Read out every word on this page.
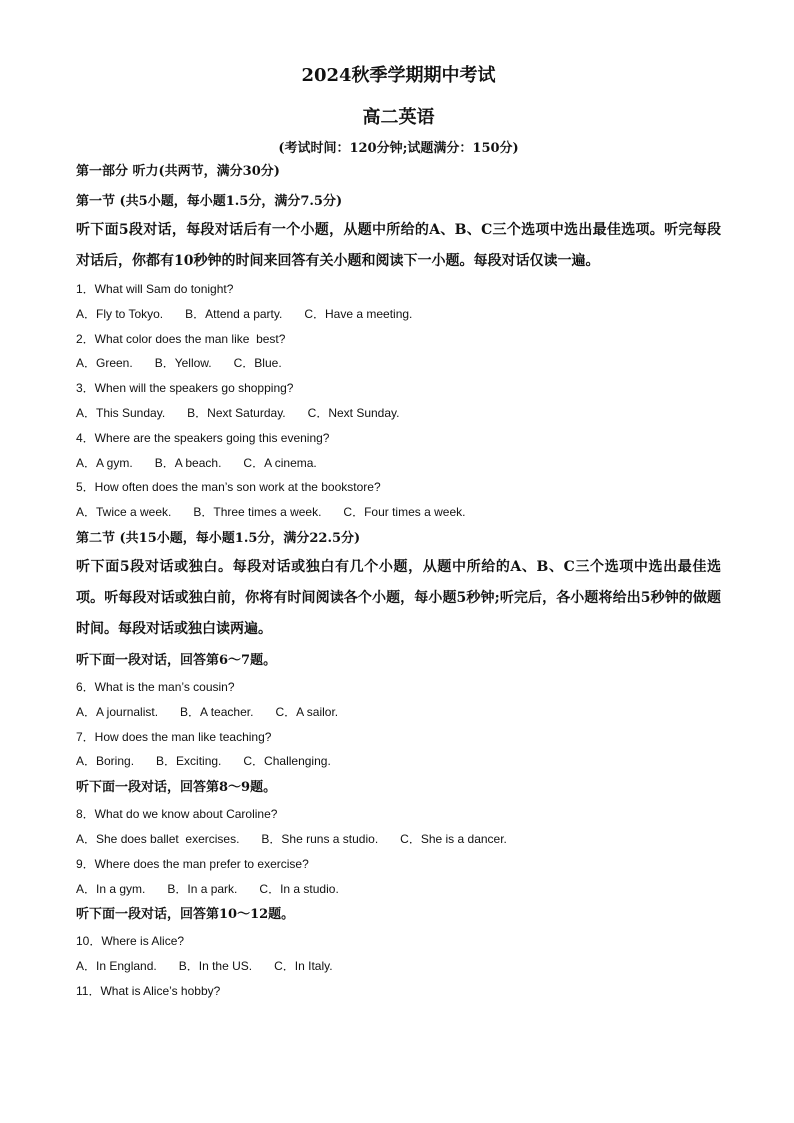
2024秋季学期期中考试
高二英语
(考试时间：120分钟;试题满分：150分)
第一部分 听力(共两节，满分30分)
第一节 (共5小题，每小题1.5分，满分7.5分)
听下面5段对话，每段对话后有一个小题，从题中所给的A、B、C三个选项中选出最佳选项。听完每段对话后，你都有10秒钟的时间来回答有关小题和阅读下一小题。每段对话仅读一遍。
1．What will Sam do tonight?
A．Fly to Tokyo. B．Attend a party. C．Have a meeting.
2．What color does the man like  best?
A．Green. B．Yellow. C．Blue.
3．When will the speakers go shopping?
A．This Sunday. B．Next Saturday. C．Next Sunday.
4．Where are the speakers going this evening?
A．A gym. B．A beach. C．A cinema.
5．How often does the man’s son work at the bookstore?
A．Twice a week. B．Three times a week. C．Four times a week.
第二节 (共15小题，每小题1.5分，满分22.5分)
听下面5段对话或独白。每段对话或独白有几个小题，从题中所给的A、B、C三个选项中选出最佳选项。听每段对话或独白前，你将有时间阅读各个小题，每小题5秒钟;听完后，各小题将给出5秒钟的做题时间。每段对话或独白读两遍。
听下面一段对话，回答第6～7题。
6．What is the man’s cousin?
A．A journalist. B．A teacher. C．A sailor.
7．How does the man like teaching?
A．Boring. B．Exciting. C．Challenging.
听下面一段对话，回答第8～9题。
8．What do we know about Caroline?
A．She does ballet  exercises. B．She runs a studio. C．She is a dancer.
9．Where does the man prefer to exercise?
A．In a gym. B．In a park. C．In a studio.
听下面一段对话，回答第10～12题。
10．Where is Alice?
A．In England. B．In the US. C．In Italy.
11．What is Alice’s hobby?
